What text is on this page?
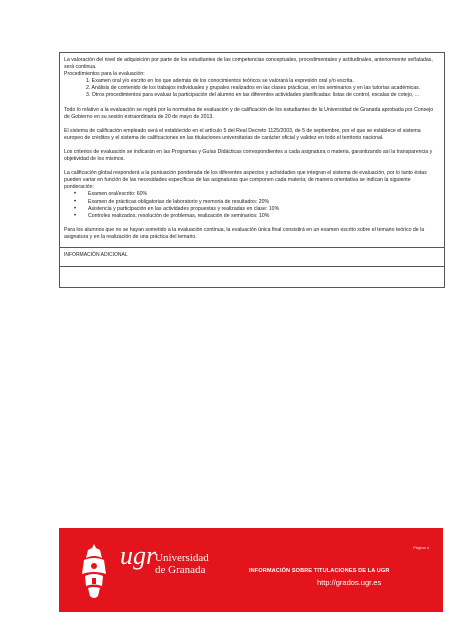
La valoración del nivel de adquisición por parte de los estudiantes de las competencias conceptuales, procedimentales y actitudinales, anteriormente señaladas, será continua.

Procedimientos para la evaluación:

1. Examen oral y/o escrito en los que además de los conocimientos teóricos se valorará la expresión oral y/o escrita.

2. Análisis de contenido de los trabajos individuales y grupales realizados en las clases prácticas, en los seminarios y en las tutorías académicas.

3. Otros procedimientos para evaluar la participación del alumno en las diferentes actividades planificadas: listas de control, escalas de cotejo, ...

Todo lo relativo a la evaluación se regirá por la normativa de evaluación y de calificación de los estudiantes de la Universidad de Granada aprobada por Consejo de Gobierno en su sesión extraordinaria de 20 de mayo de 2013.

El sistema de calificación empleado será el establecido en el artículo 5 del Real Decreto 1125/2003, de 5 de septiembre, por el que se establece el sistema europeo de créditos y el sistema de calificaciones en las titulaciones universitarias de carácter oficial y validez en todo el territorio nacional.

Los criterios de evaluación se indicarán en las Programas y Guías Didácticas correspondientes a cada asignatura o materia, garantizando así la transparencia y objetividad de los mismos.

La calificación global responderá a la puntuación ponderada de los diferentes aspectos y actividades que integran el sistema de evaluación, por lo tanto éstas pueden variar en función de las necesidades específicas de las asignaturas que componen cada materia; de manera orientativa se indican la siguiente ponderación:

• Examen oral/escrito: 60%
• Examen de prácticas obligatorias de laboratorio y memoria de resultados: 20%
• Asistencia y participación en las actividades propuestas y realizadas en clase: 10%
• Controles realizados, resolución de problemas, realización de seminarios: 10%

Para los alumnos que no se hayan sometido a la evaluación continua, la evaluación única final consistirá en un examen escrito sobre el temario teórico de la asignatura y en la realización de una práctica del temario.

INFORMACIÓN ADICIONAL
Página 4
ugr
Universidad
de Granada	INFORMACIÓN SOBRE TITULACIONES DE LA UGR
http://grados.ugr.es
